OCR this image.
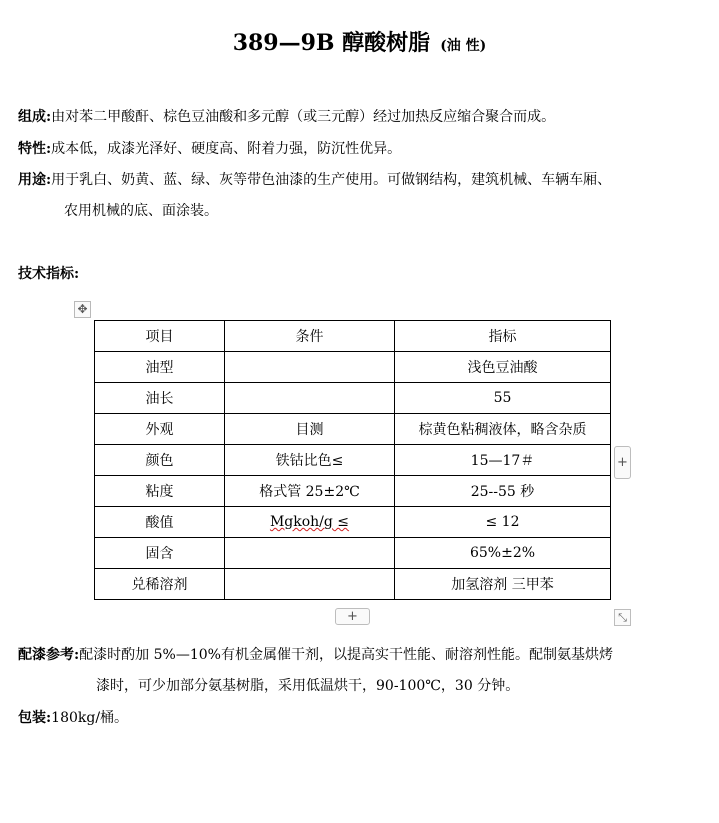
389—9B 醇酸树脂 (油 性)
组成:由对苯二甲酸酐、棕色豆油酸和多元醇（或三元醇）经过加热反应缩合聚合而成。
特性:成本低，成漆光泽好、硬度高、附着力强，防沉性优异。
用途:用于乳白、奶黄、蓝、绿、灰等带色油漆的生产使用。可做钢结构，建筑机械、车辆车厢、
农用机械的底、面涂装。
技术指标:
✥
项目	条件	指标
油型		浅色豆油酸
油长		55
外观	目测	棕黄色粘稠液体，略含杂质
颜色	铁钴比色≤	15—17＃
粘度	格式管 25±2℃	25--55 秒
酸值	Mgkoh/g ≤	≤ 12
固含		65%±2%
兑稀溶剂		加氢溶剂 三甲苯
+
+	⤡
配漆参考:配漆时酌加 5%—10%有机金属催干剂，以提高实干性能、耐溶剂性能。配制氨基烘烤
漆时，可少加部分氨基树脂，采用低温烘干，90-100℃，30 分钟。
包装:180kg/桶。
